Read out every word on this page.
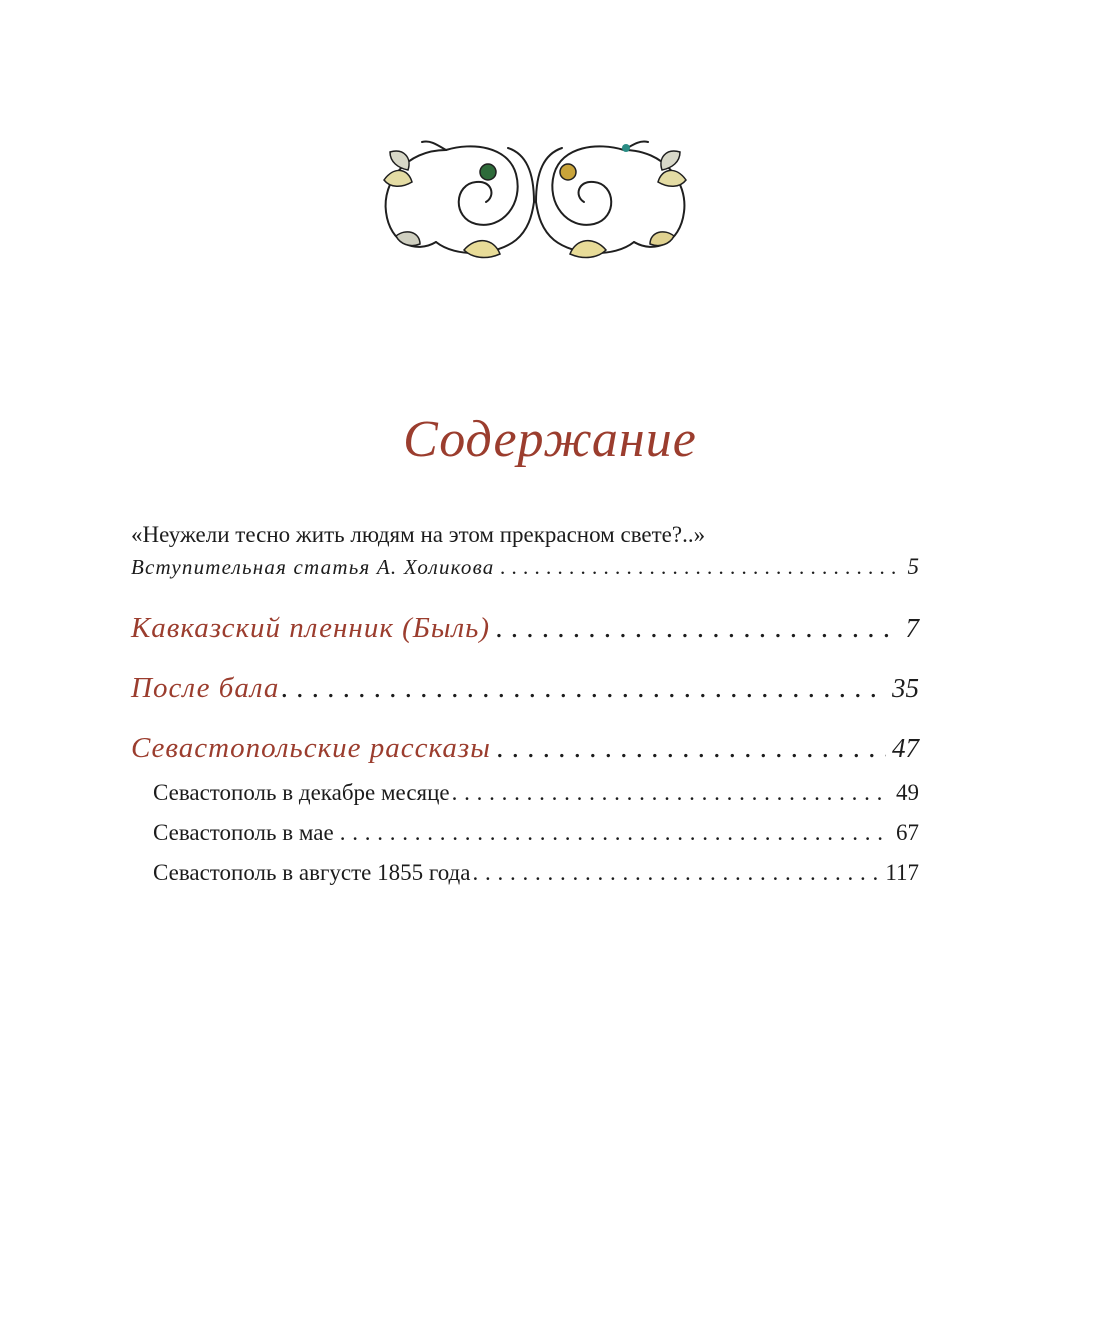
Содержание
«Неужели тесно жить людям на этом прекрасном свете?..»
Вступительная статья А. Холикова . . .	5
Кавказский пленник (Быль) . . .	7
После бала . . .	35
Севастопольские рассказы . . .	47
Севастополь в декабре месяце . . .	49
Севастополь в мае . . .	67
Севастополь в августе 1855 года . . .	117
